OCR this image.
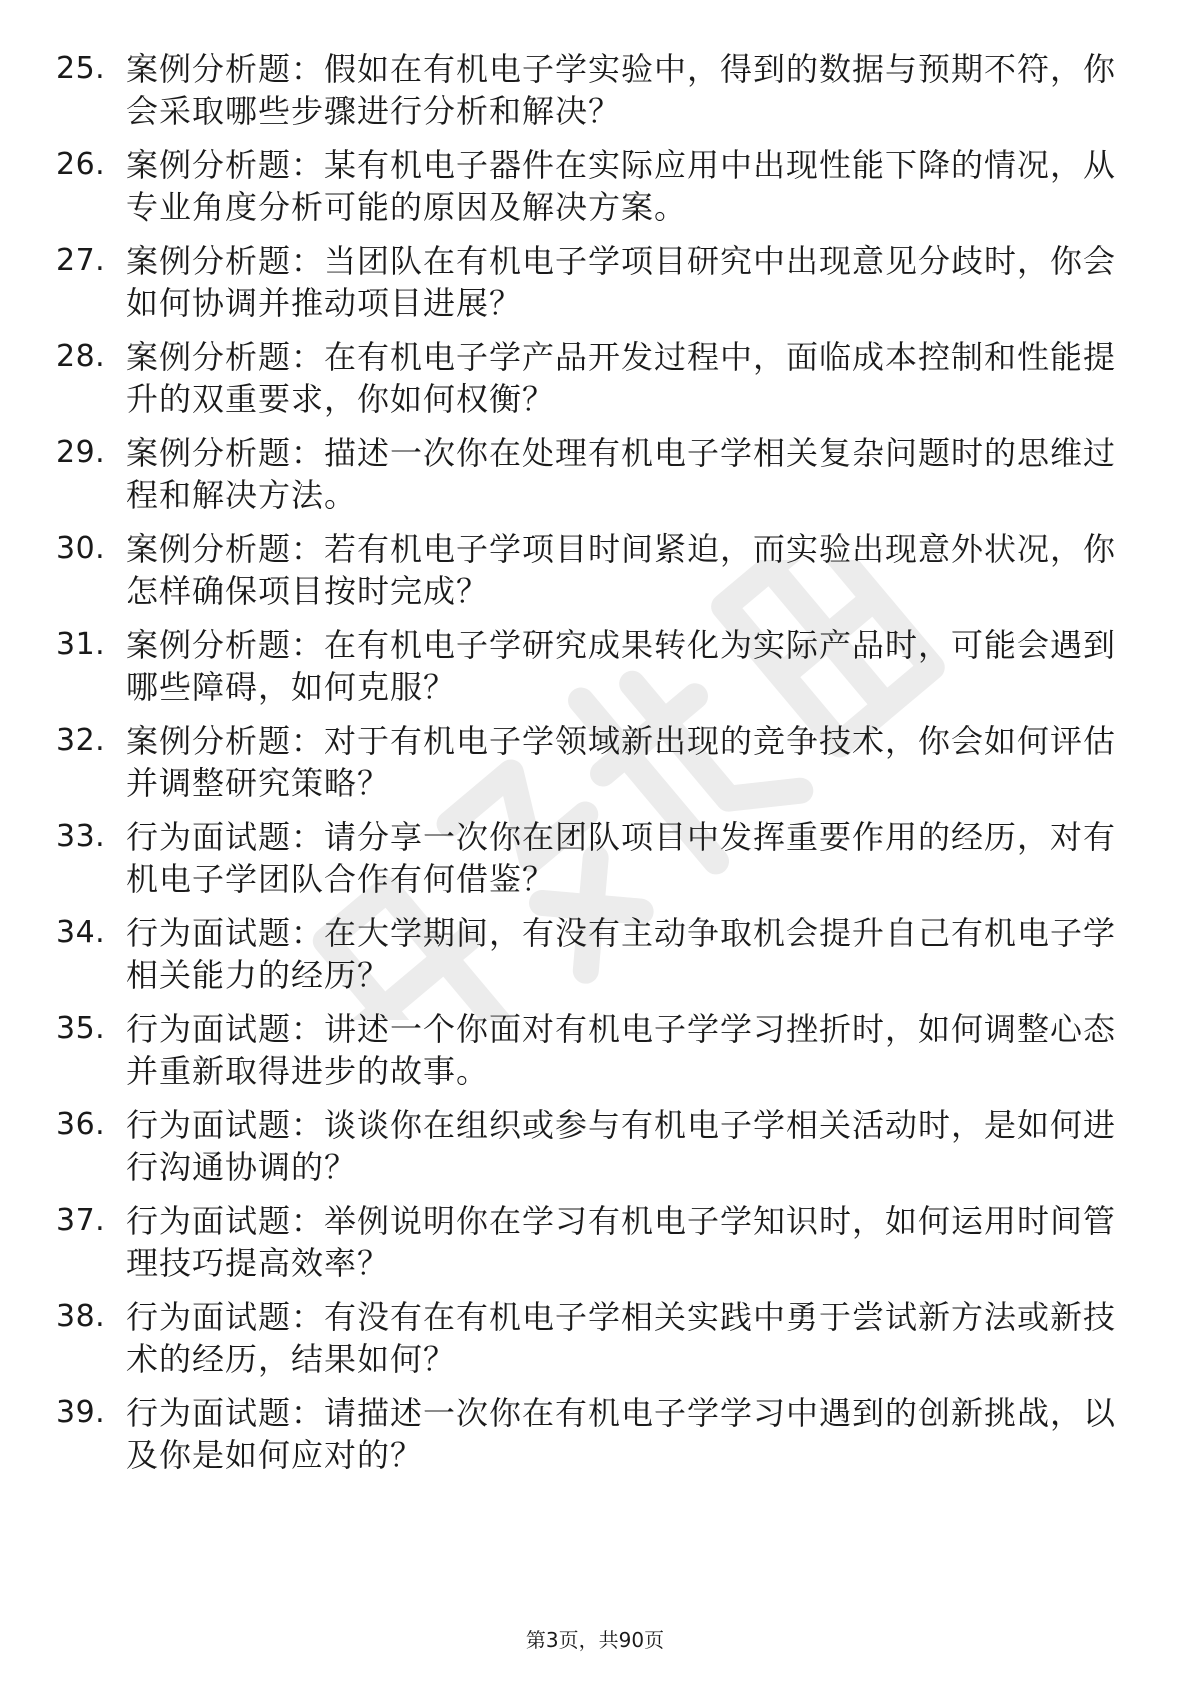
25. 案例分析题：假如在有机电子学实验中，得到的数据与预期不符，你会采取哪些步骤进行分析和解决？
26. 案例分析题：某有机电子器件在实际应用中出现性能下降的情况，从专业角度分析可能的原因及解决方案。
27. 案例分析题：当团队在有机电子学项目研究中出现意见分歧时，你会如何协调并推动项目进展？
28. 案例分析题：在有机电子学产品开发过程中，面临成本控制和性能提升的双重要求，你如何权衡？
29. 案例分析题：描述一次你在处理有机电子学相关复杂问题时的思维过程和解决方法。
30. 案例分析题：若有机电子学项目时间紧迫，而实验出现意外状况，你怎样确保项目按时完成？
31. 案例分析题：在有机电子学研究成果转化为实际产品时，可能会遇到哪些障碍，如何克服？
32. 案例分析题：对于有机电子学领域新出现的竞争技术，你会如何评估并调整研究策略？
33. 行为面试题：请分享一次你在团队项目中发挥重要作用的经历，对有机电子学团队合作有何借鉴？
34. 行为面试题：在大学期间，有没有主动争取机会提升自己有机电子学相关能力的经历？
35. 行为面试题：讲述一个你面对有机电子学学习挫折时，如何调整心态并重新取得进步的故事。
36. 行为面试题：谈谈你在组织或参与有机电子学相关活动时，是如何进行沟通协调的？
37. 行为面试题：举例说明你在学习有机电子学知识时，如何运用时间管理技巧提高效率？
38. 行为面试题：有没有在有机电子学相关实践中勇于尝试新方法或新技术的经历，结果如何？
39. 行为面试题：请描述一次你在有机电子学学习中遇到的创新挑战，以及你是如何应对的？
第3页，共90页
